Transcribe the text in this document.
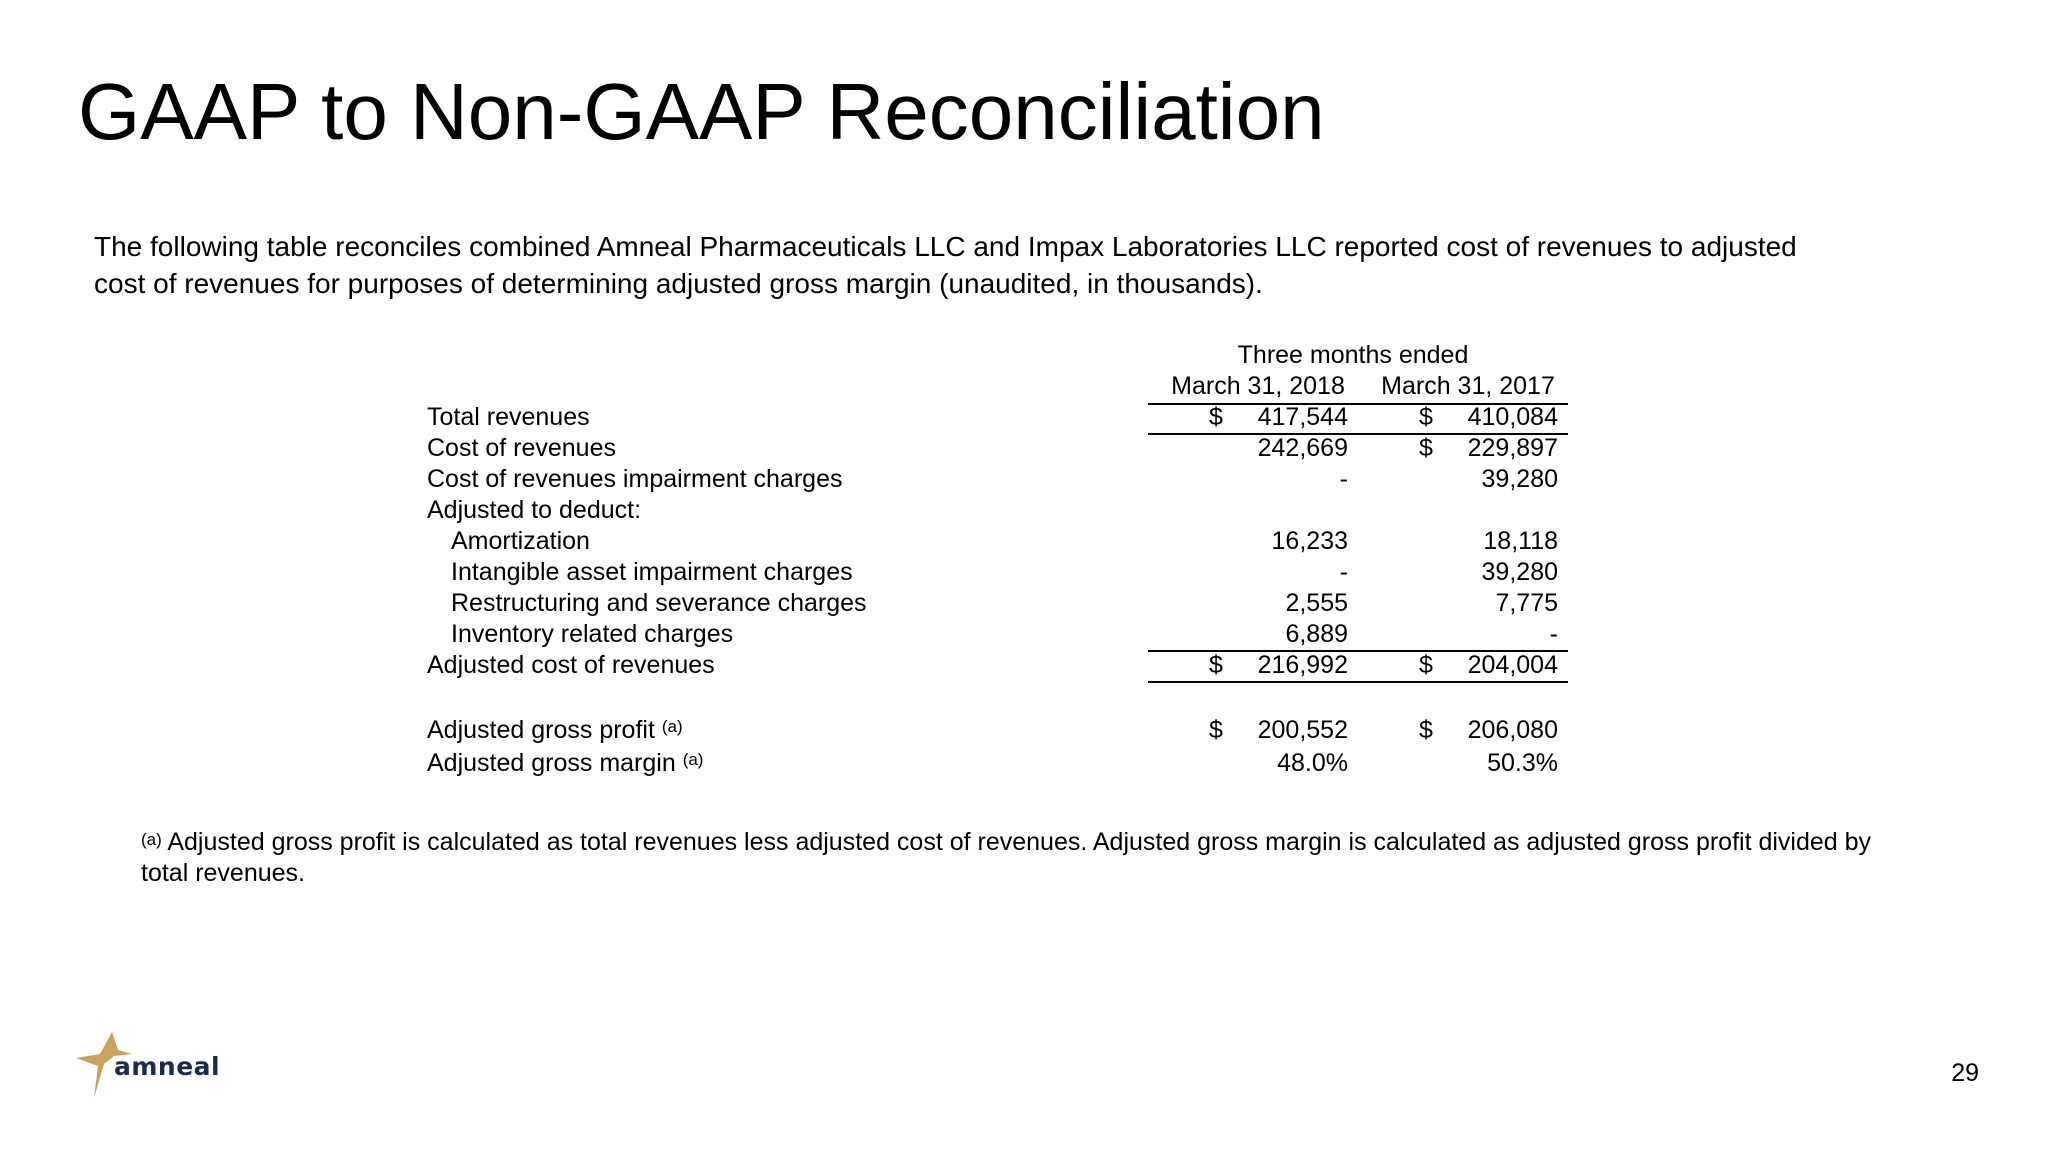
GAAP to Non-GAAP Reconciliation
The following table reconciles combined Amneal Pharmaceuticals LLC and Impax Laboratories LLC reported cost of revenues to adjusted
cost of revenues for purposes of determining adjusted gross margin (unaudited, in thousands).
Three months ended
March 31, 2018	March 31, 2017
Total revenues	$ 417,544	$ 410,084
Cost of revenues	242,669	$ 229,897
Cost of revenues impairment charges	-	39,280
Adjusted to deduct:
Amortization	16,233	18,118
Intangible asset impairment charges	-	39,280
Restructuring and severance charges	2,555	7,775
Inventory related charges	6,889	-
Adjusted cost of revenues	$ 216,992	$ 204,004
Adjusted gross profit $^{(a)}$	$ 200,552	$ 206,080
Adjusted gross margin $^{(a)}$	48.0%	50.3%
$^{(a)}$ Adjusted gross profit is calculated as total revenues less adjusted cost of revenues. Adjusted gross margin is calculated as adjusted gross profit divided by
total revenues.
amneal	29
